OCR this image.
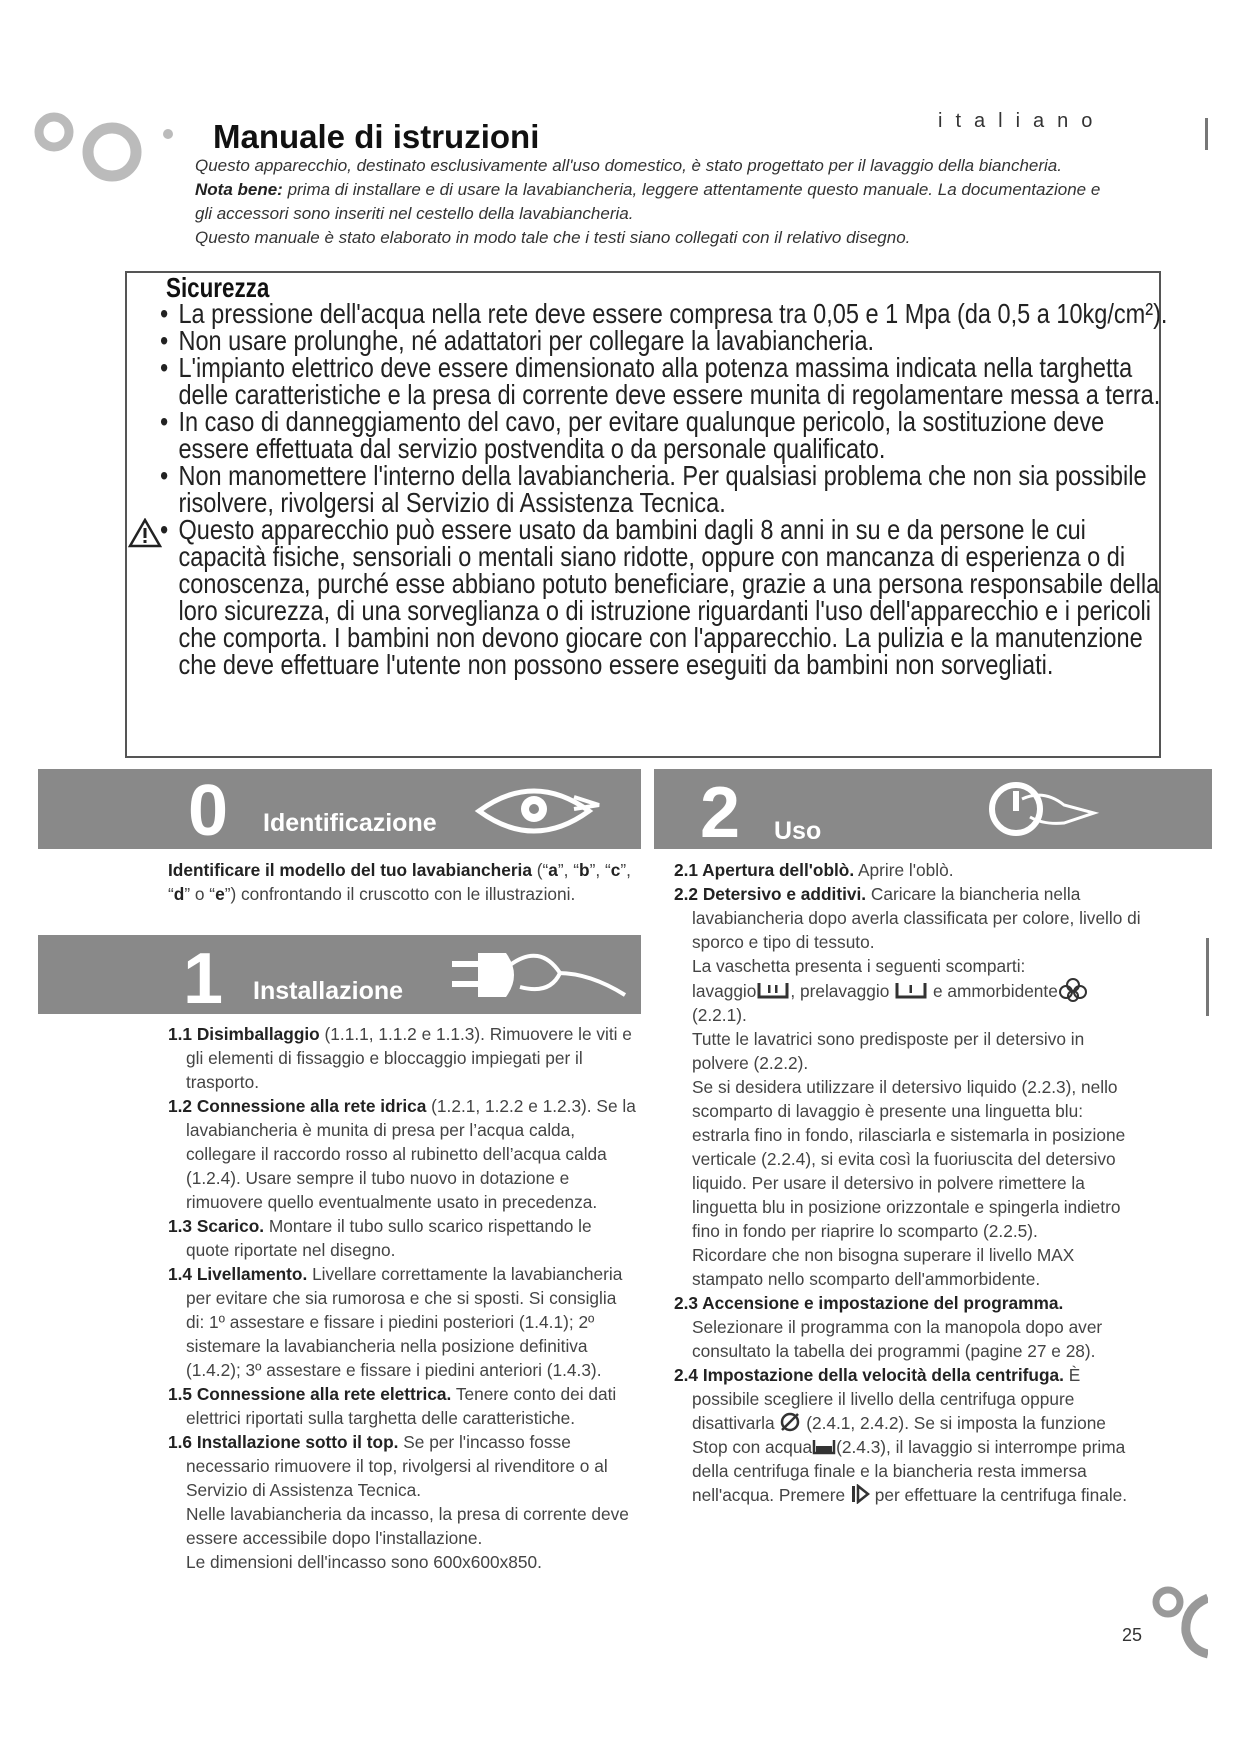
italiano
Manuale di istruzioni
Questo apparecchio, destinato esclusivamente all'uso domestico, è stato progettato per il lavaggio della biancheria.
Nota bene: prima di installare e di usare la lavabiancheria, leggere attentamente questo manuale. La documentazione e gli accessori sono inseriti nel cestello della lavabiancheria.
Questo manuale è stato elaborato in modo tale che i testi siano collegati con il relativo disegno.
Sicurezza
• La pressione dell'acqua nella rete deve essere compresa tra 0,05 e 1 Mpa (da 0,5 a 10kg/cm²).
• Non usare prolunghe, né adattatori per collegare la lavabiancheria.
• L'impianto elettrico deve essere dimensionato alla potenza massima indicata nella targhetta delle caratteristiche e la presa di corrente deve essere munita di regolamentare messa a terra.
• In caso di danneggiamento del cavo, per evitare qualunque pericolo, la sostituzione deve essere effettuata dal servizio postvendita o da personale qualificato.
• Non manomettere l'interno della lavabiancheria. Per qualsiasi problema che non sia possibile risolvere, rivolgersi al Servizio di Assistenza Tecnica.
• Questo apparecchio può essere usato da bambini dagli 8 anni in su e da persone le cui capacità fisiche, sensoriali o mentali siano ridotte, oppure con mancanza di esperienza o di conoscenza, purché esse abbiano potuto beneficiare, grazie a una persona responsabile della loro sicurezza, di una sorveglianza o di istruzione riguardanti l'uso dell'apparecchio e i pericoli che comporta. I bambini non devono giocare con l'apparecchio. La pulizia e la manutenzione che deve effettuare l'utente non possono essere eseguiti da bambini non sorvegliati.
0 Identificazione	2 Uso

Identificare il modello del tuo lavabiancheria (“a”, “b”, “c”, “d” o “e”) confrontando il cruscotto con le illustrazioni.

1 Installazione

1.1 Disimballaggio (1.1.1, 1.1.2 e 1.1.3). Rimuovere le viti e gli elementi di fissaggio e bloccaggio impiegati per il trasporto.

1.2 Connessione alla rete idrica (1.2.1, 1.2.2 e 1.2.3). Se la lavabiancheria è munita di presa per l’acqua calda, collegare il raccordo rosso al rubinetto dell’acqua calda (1.2.4). Usare sempre il tubo nuovo in dotazione e rimuovere quello eventualmente usato in precedenza.

1.3 Scarico. Montare il tubo sullo scarico rispettando le quote riportate nel disegno.

1.4 Livellamento. Livellare correttamente la lavabiancheria per evitare che sia rumorosa e che si sposti. Si consiglia di: 1º assestare e fissare i piedini posteriori (1.4.1); 2º sistemare la lavabiancheria nella posizione definitiva (1.4.2); 3º assestare e fissare i piedini anteriori (1.4.3).

1.5 Connessione alla rete elettrica. Tenere conto dei dati elettrici riportati sulla targhetta delle caratteristiche.

1.6 Installazione sotto il top. Se per l'incasso fosse necessario rimuovere il top, rivolgersi al rivenditore o al Servizio di Assistenza Tecnica.

Nelle lavabiancheria da incasso, la presa di corrente deve essere accessibile dopo l'installazione.

Le dimensioni dell'incasso sono 600x600x850.

2.1 Apertura dell'oblò. Aprire l'oblò.

2.2 Detersivo e additivi. Caricare la biancheria nella lavabiancheria dopo averla classificata per colore, livello di sporco e tipo di tessuto.

La vaschetta presenta i seguenti scomparti:

lavaggio , prelavaggio  e ammorbidente

(2.2.1).

Tutte le lavatrici sono predisposte per il detersivo in polvere (2.2.2).

Se si desidera utilizzare il detersivo liquido (2.2.3), nello scomparto di lavaggio è presente una linguetta blu: estrarla fino in fondo, rilasciarla e sistemarla in posizione verticale (2.2.4), si evita così la fuoriuscita del detersivo liquido. Per usare il detersivo in polvere rimettere la linguetta blu in posizione orizzontale e spingerla indietro fino in fondo per riaprire lo scomparto (2.2.5).

Ricordare che non bisogna superare il livello MAX stampato nello scomparto dell'ammorbidente.

2.3 Accensione e impostazione del programma.

Selezionare il programma con la manopola dopo aver consultato la tabella dei programmi (pagine 27 e 28).

2.4 Impostazione della velocità della centrifuga. È possibile scegliere il livello della centrifuga oppure disattivarla  (2.4.1, 2.4.2). Se si imposta la funzione Stop con acqua (2.4.3), il lavaggio si interrompe prima della centrifuga finale e la biancheria resta immersa nell'acqua. Premere  per effettuare la centrifuga finale.

25
